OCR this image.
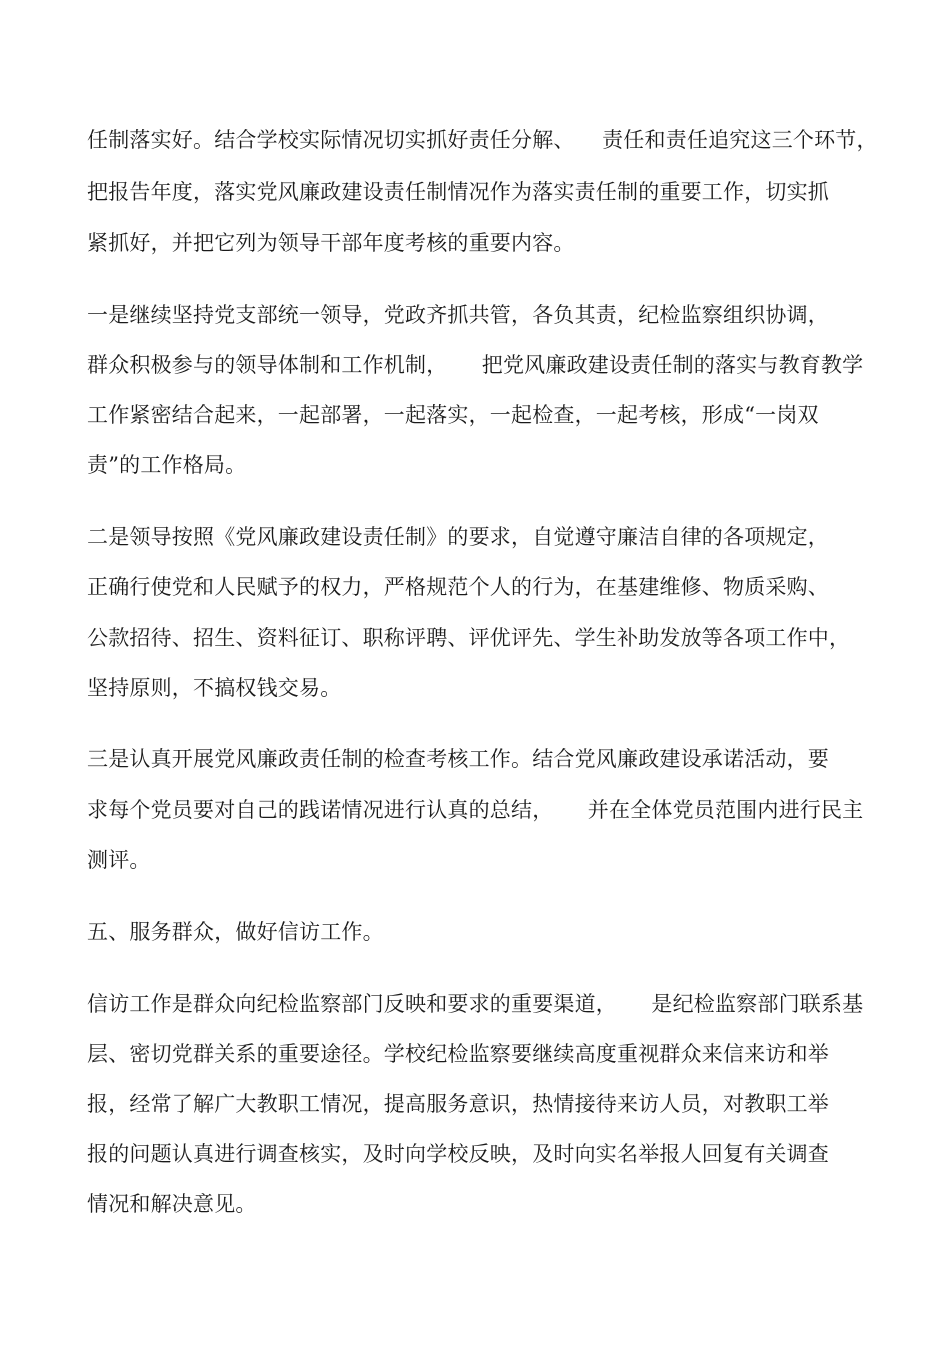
任制落实好。结合学校实际情况切实抓好责任分解、    责任和责任追究这三个环节，
把报告年度，落实党风廉政建设责任制情况作为落实责任制的重要工作，切实抓
紧抓好，并把它列为领导干部年度考核的重要内容。
一是继续坚持党支部统一领导，党政齐抓共管，各负其责，纪检监察组织协调，
群众积极参与的领导体制和工作机制，     把党风廉政建设责任制的落实与教育教学
工作紧密结合起来，一起部署，一起落实，一起检查，一起考核，形成“一岗双
责”的工作格局。
二是领导按照《党风廉政建设责任制》的要求，自觉遵守廉洁自律的各项规定，
正确行使党和人民赋予的权力，严格规范个人的行为，在基建维修、物质采购、
公款招待、招生、资料征订、职称评聘、评优评先、学生补助发放等各项工作中，
坚持原则，不搞权钱交易。
三是认真开展党风廉政责任制的检查考核工作。结合党风廉政建设承诺活动，要
求每个党员要对自己的践诺情况进行认真的总结，     并在全体党员范围内进行民主
测评。
五、服务群众，做好信访工作。
信访工作是群众向纪检监察部门反映和要求的重要渠道，     是纪检监察部门联系基
层、密切党群关系的重要途径。学校纪检监察要继续高度重视群众来信来访和举
报，经常了解广大教职工情况，提高服务意识，热情接待来访人员，对教职工举
报的问题认真进行调查核实，及时向学校反映，及时向实名举报人回复有关调查
情况和解决意见。
